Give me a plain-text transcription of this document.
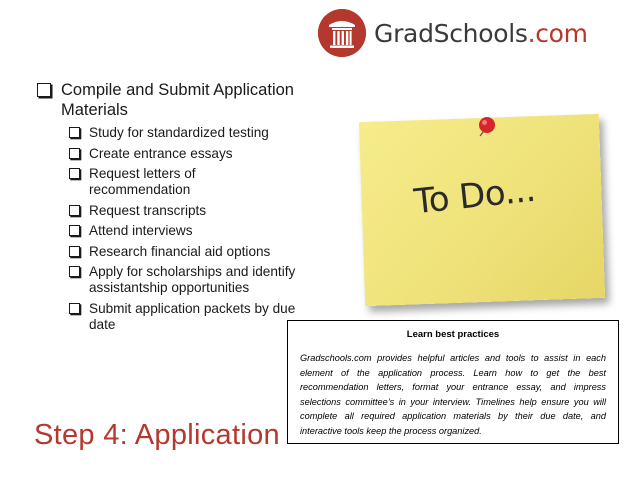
GradSchools.com
Compile and Submit Application Materials
Study for standardized testing
Create entrance essays
Request letters of recommendation
Request transcripts
Attend interviews
Research financial aid options
Apply for scholarships and identify assistantship opportunities
Submit application packets by due date
Step 4: Application
To Do...
Learn best practices
Gradschools.com provides helpful articles and tools to assist in each element of the application process. Learn how to get the best recommendation letters, format your entrance essay, and impress selections committee’s in your interview. Timelines help ensure you will complete all required application materials by their due date, and interactive tools keep the process organized.
